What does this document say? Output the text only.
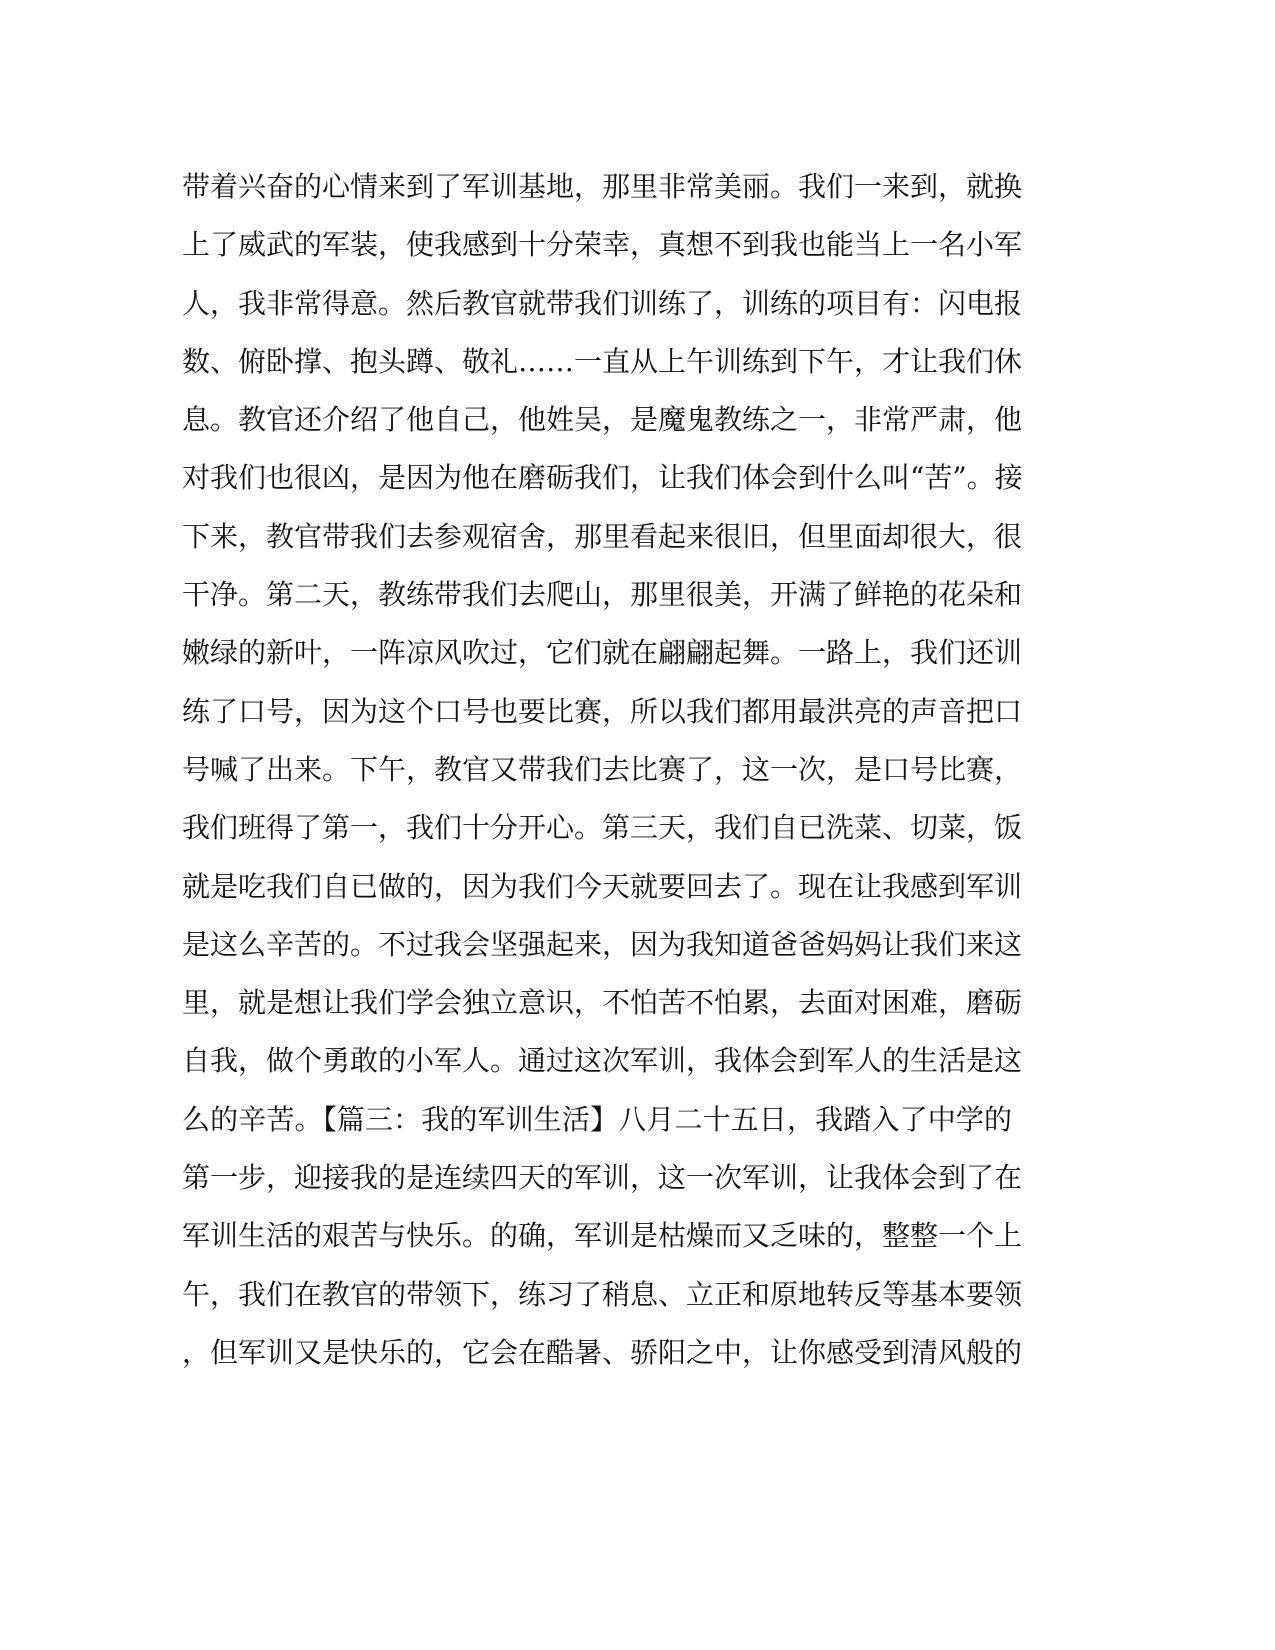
带着兴奋的心情来到了军训基地，那里非常美丽。我们一来到，就换
上了威武的军装，使我感到十分荣幸，真想不到我也能当上一名小军
人，我非常得意。然后教官就带我们训练了，训练的项目有：闪电报
数、俯卧撑、抱头蹲、敬礼……一直从上午训练到下午，才让我们休
息。教官还介绍了他自己，他姓吴，是魔鬼教练之一，非常严肃，他
对我们也很凶，是因为他在磨砺我们，让我们体会到什么叫“苦”。接
下来，教官带我们去参观宿舍，那里看起来很旧，但里面却很大，很
干净。第二天，教练带我们去爬山，那里很美，开满了鲜艳的花朵和
嫩绿的新叶，一阵凉风吹过，它们就在翩翩起舞。一路上，我们还训
练了口号，因为这个口号也要比赛，所以我们都用最洪亮的声音把口
号喊了出来。下午，教官又带我们去比赛了，这一次，是口号比赛，
我们班得了第一，我们十分开心。第三天，我们自已洗菜、切菜，饭
就是吃我们自已做的，因为我们今天就要回去了。现在让我感到军训
是这么辛苦的。不过我会坚强起来，因为我知道爸爸妈妈让我们来这
里，就是想让我们学会独立意识，不怕苦不怕累，去面对困难，磨砺
自我，做个勇敢的小军人。通过这次军训，我体会到军人的生活是这
么的辛苦。【篇三：我的军训生活】八月二十五日，我踏入了中学的
第一步，迎接我的是连续四天的军训，这一次军训，让我体会到了在
军训生活的艰苦与快乐。的确，军训是枯燥而又乏味的，整整一个上
午，我们在教官的带领下，练习了稍息、立正和原地转反等基本要领
，但军训又是快乐的，它会在酷暑、骄阳之中，让你感受到清风般的
